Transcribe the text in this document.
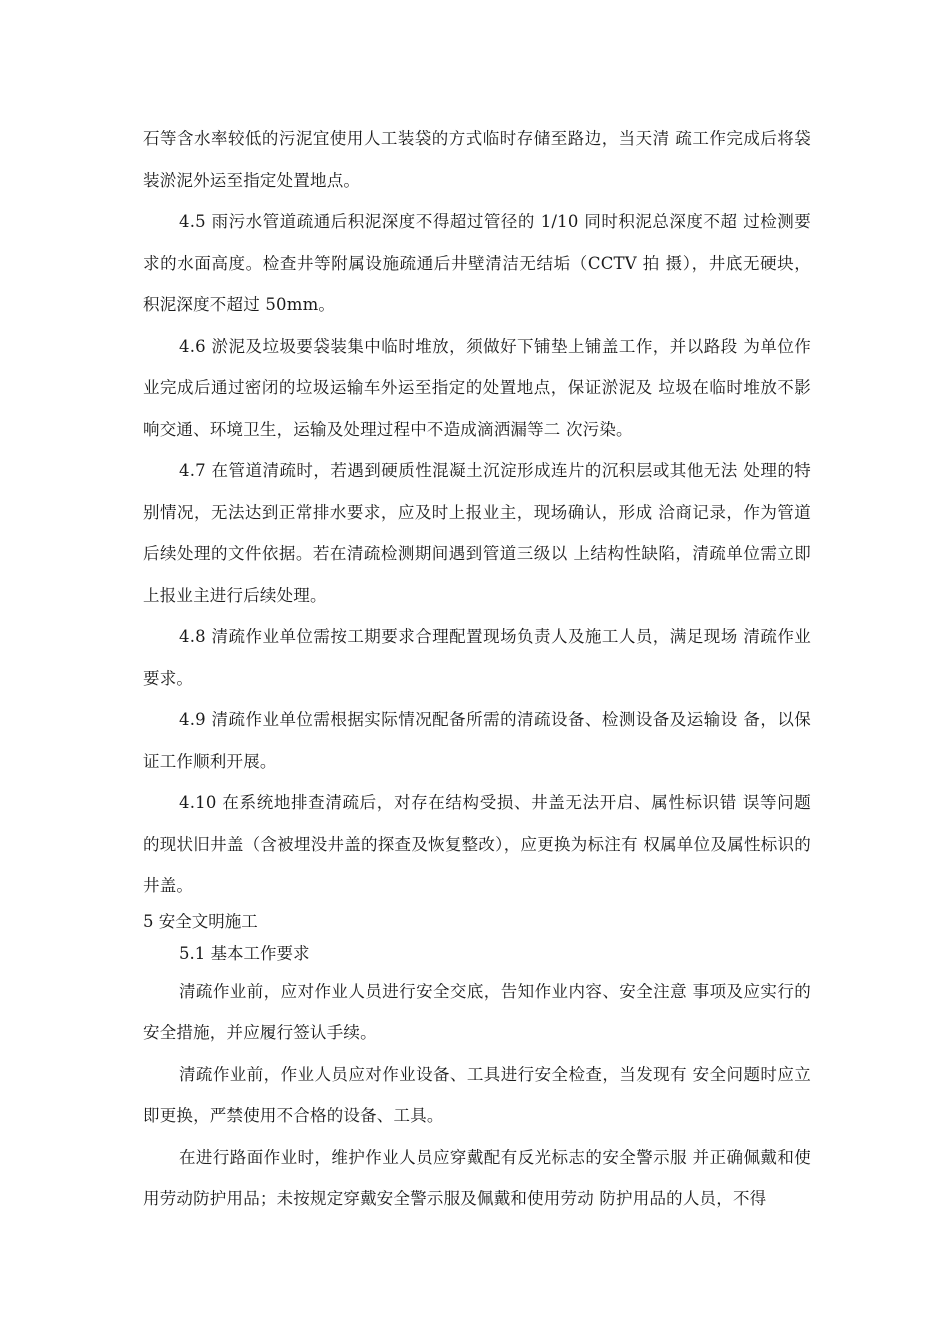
石等含水率较低的污泥宜使用人工装袋的方式临时存储至路边，当天清 疏工作完成后将袋装淤泥外运至指定处置地点。

4.5 雨污水管道疏通后积泥深度不得超过管径的 1/10 同时积泥总深度不超 过检测要求的水面高度。检查井等附属设施疏通后井壁清洁无结垢（CCTV 拍 摄），井底无硬块，积泥深度不超过 50mm。

4.6 淤泥及垃圾要袋装集中临时堆放，须做好下铺垫上铺盖工作，并以路段 为单位作业完成后通过密闭的垃圾运输车外运至指定的处置地点，保证淤泥及 垃圾在临时堆放不影响交通、环境卫生，运输及处理过程中不造成滴洒漏等二 次污染。

4.7 在管道清疏时，若遇到硬质性混凝土沉淀形成连片的沉积层或其他无法 处理的特别情况，无法达到正常排水要求，应及时上报业主，现场确认，形成 洽商记录，作为管道后续处理的文件依据。若在清疏检测期间遇到管道三级以 上结构性缺陷，清疏单位需立即上报业主进行后续处理。

4.8 清疏作业单位需按工期要求合理配置现场负责人及施工人员，满足现场 清疏作业要求。

4.9 清疏作业单位需根据实际情况配备所需的清疏设备、检测设备及运输设 备，以保证工作顺利开展。

4.10 在系统地排查清疏后，对存在结构受损、井盖无法开启、属性标识错 误等问题的现状旧井盖（含被埋没井盖的探查及恢复整改），应更换为标注有 权属单位及属性标识的井盖。

5 安全文明施工

5.1 基本工作要求

清疏作业前，应对作业人员进行安全交底，告知作业内容、安全注意 事项及应实行的安全措施，并应履行签认手续。

清疏作业前，作业人员应对作业设备、工具进行安全检查，当发现有 安全问题时应立即更换，严禁使用不合格的设备、工具。

在进行路面作业时，维护作业人员应穿戴配有反光标志的安全警示服 并正确佩戴和使用劳动防护用品；未按规定穿戴安全警示服及佩戴和使用劳动 防护用品的人员，不得
